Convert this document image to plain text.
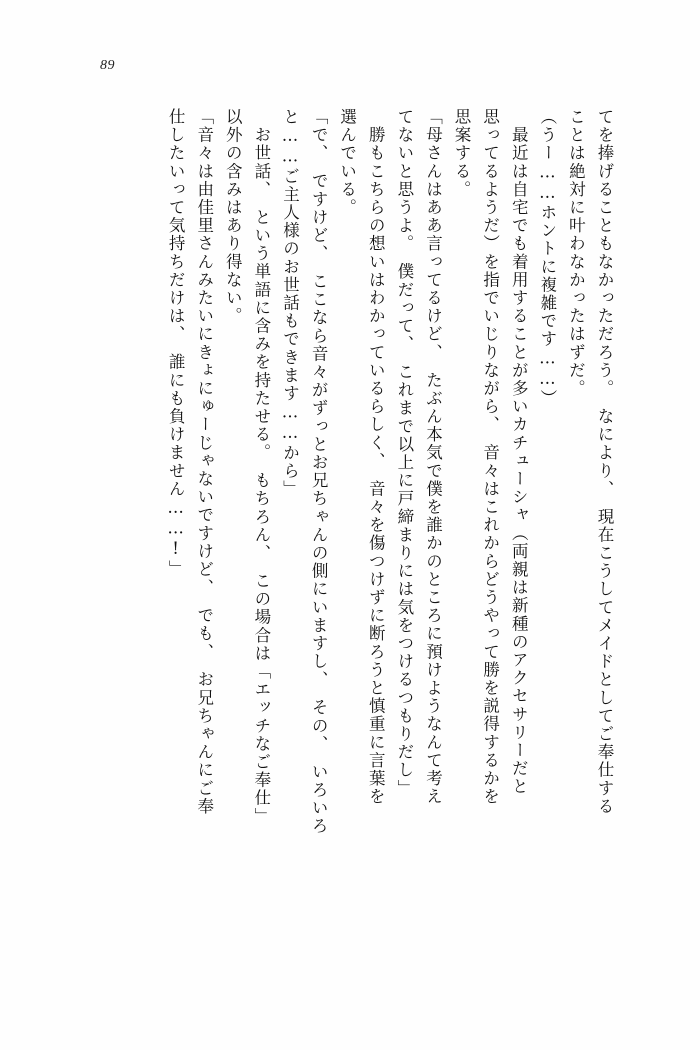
89
てを捧げることもなかっただろう。　なにより、　現在こうしてメイドとしてご奉仕する
ことは絶対に叶わなかったはずだ。
（うー……ホントに複雑です……）
　最近は自宅でも着用することが多いカチューシャ（両親は新種のアクセサリーだと
思ってるようだ）を指でいじりながら、　音々はこれからどうやって勝を説得するかを
思案する。
「母さんはああ言ってるけど、　たぶん本気で僕を誰かのところに預けようなんて考え
てないと思うよ。　僕だって、　これまで以上に戸締まりには気をつけるつもりだし」
　勝もこちらの想いはわかっているらしく、　音々を傷つけずに断ろうと慎重に言葉を
選んでいる。
「で、　ですけど、　ここなら音々がずっとお兄ちゃんの側にいますし、　その、　いろいろ
と……ご主人様のお世話もできます……から」
　お世話、　という単語に含みを持たせる。　もちろん、　この場合は「エッチなご奉仕」
以外の含みはあり得ない。
「音々は由佳里さんみたいにきょにゅーじゃないですけど、　でも、　お兄ちゃんにご奉
仕したいって気持ちだけは、　誰にも負けません……!」
